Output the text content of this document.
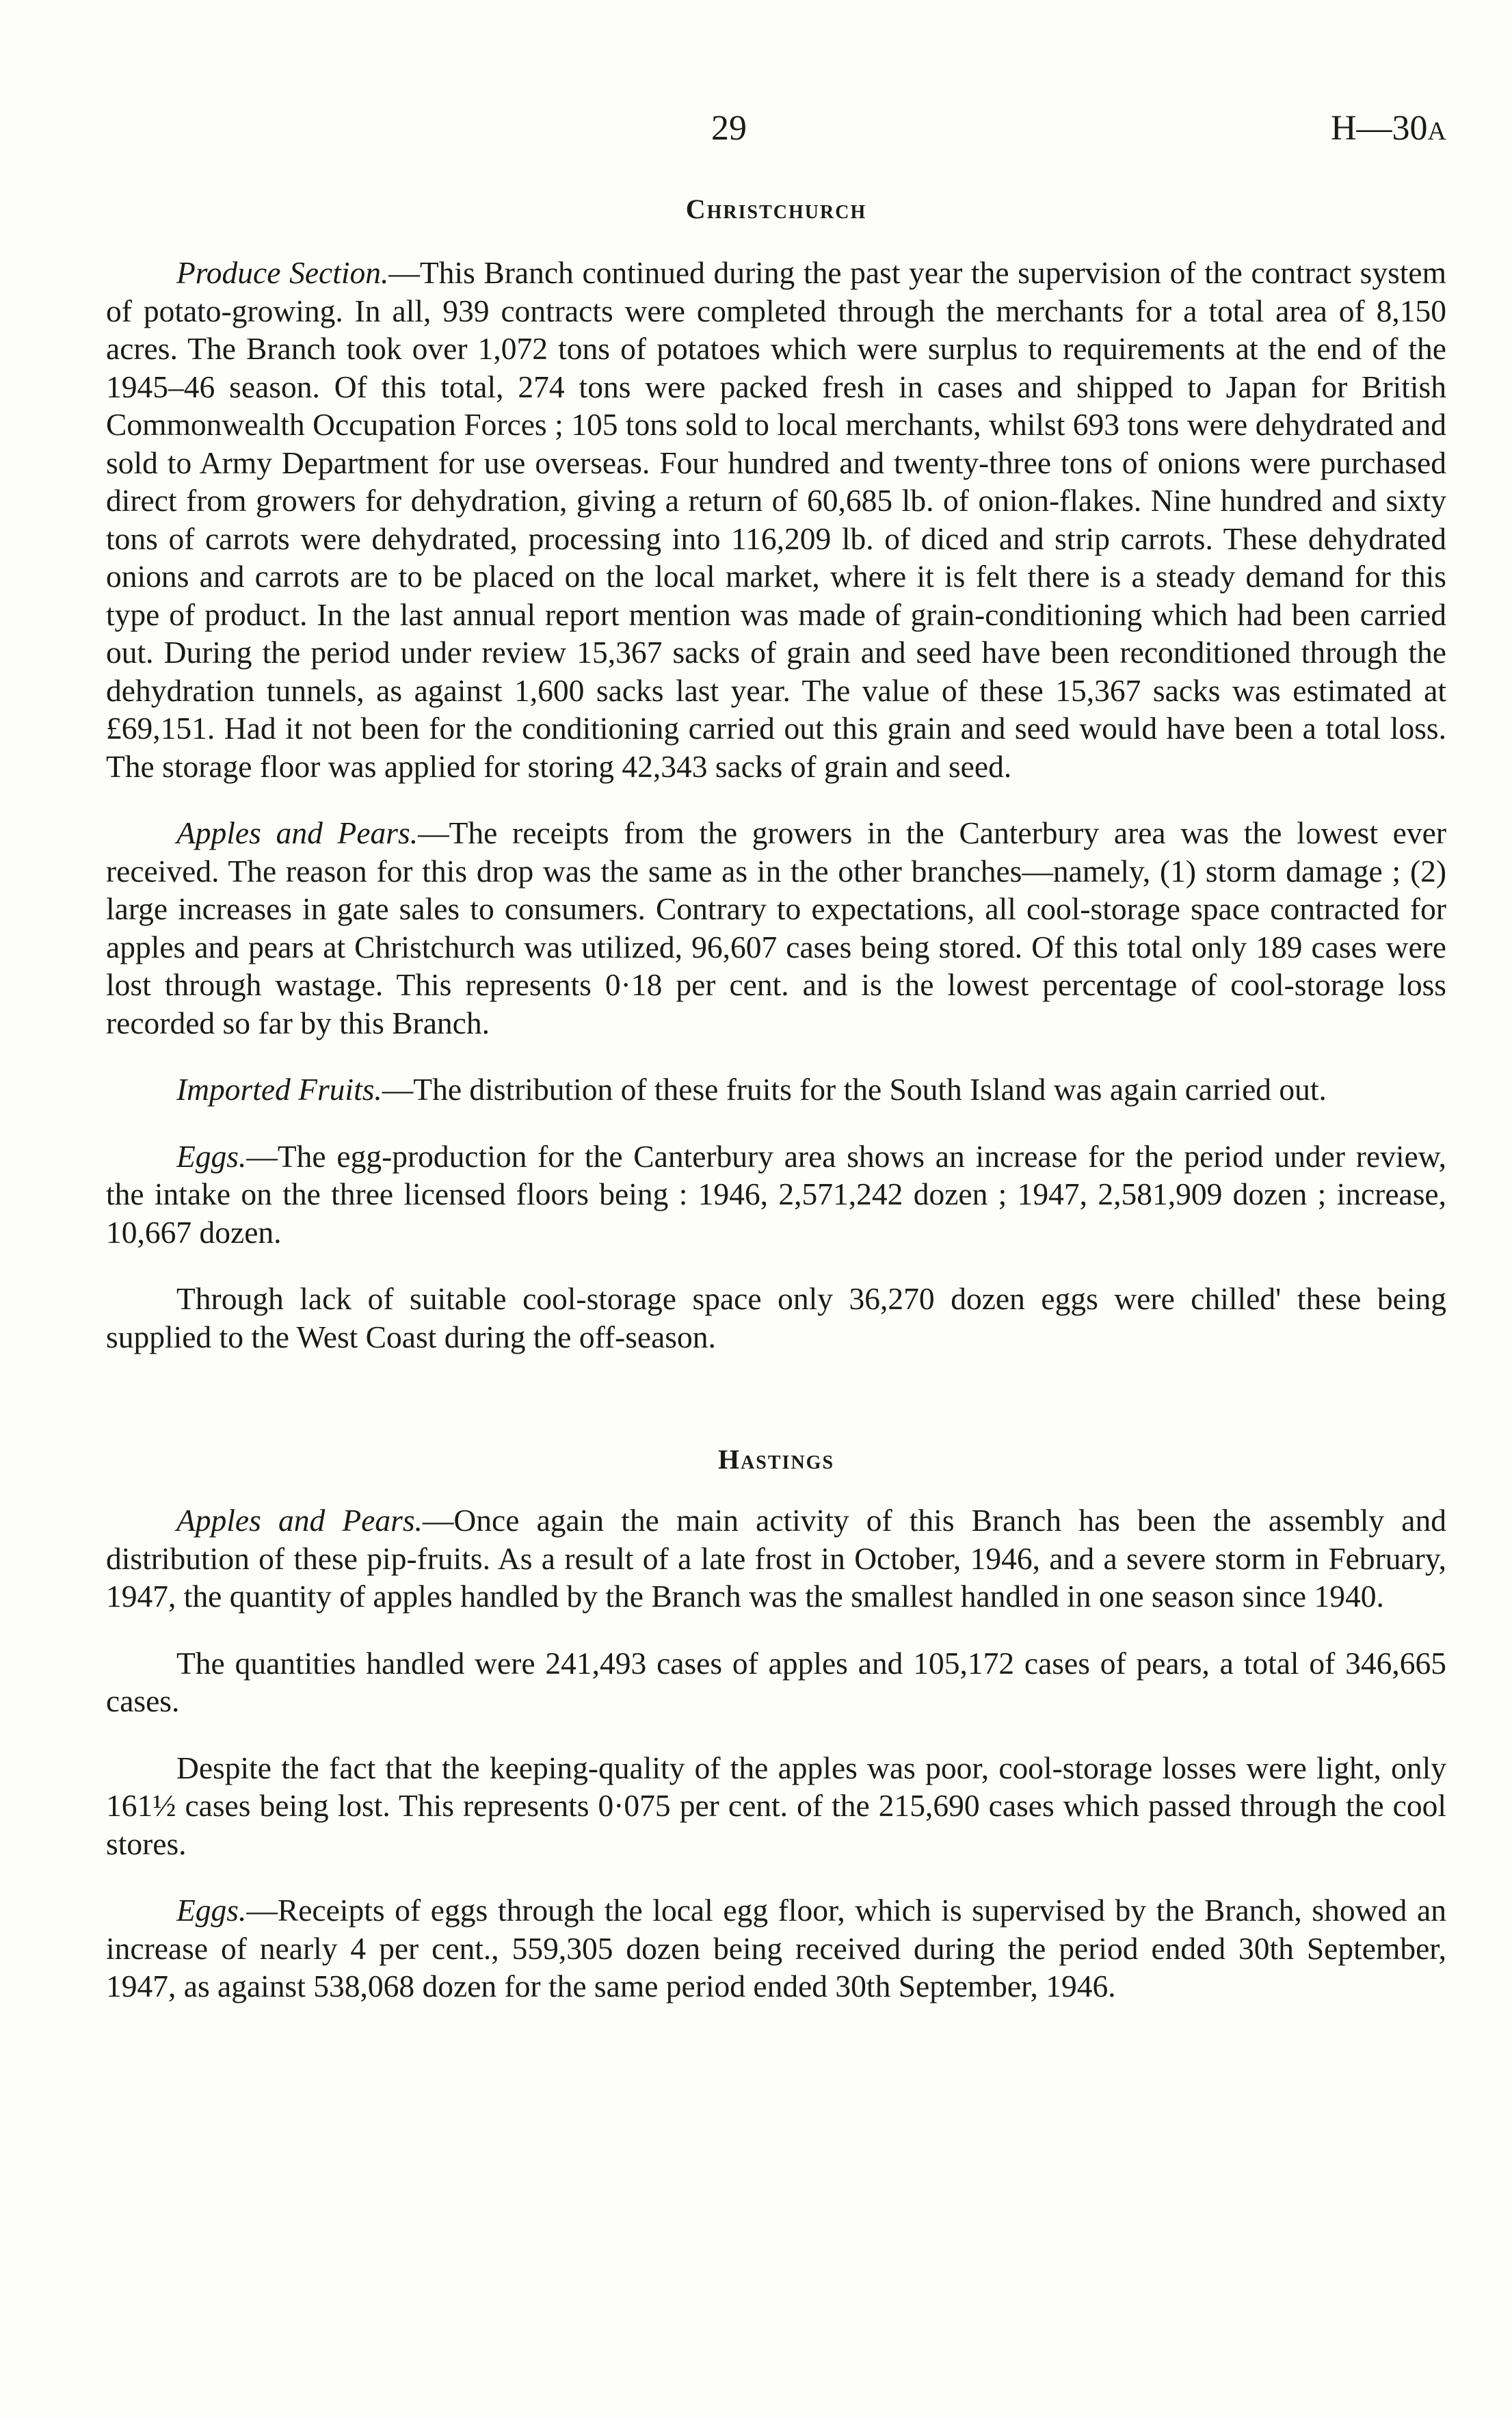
29	H—30A
Christchurch

Produce Section.—This Branch continued during the past year the supervision of the contract system of potato-growing. In all, 939 contracts were completed through the merchants for a total area of 8,150 acres. The Branch took over 1,072 tons of potatoes which were surplus to requirements at the end of the 1945–46 season. Of this total, 274 tons were packed fresh in cases and shipped to Japan for British Commonwealth Occupation Forces ; 105 tons sold to local merchants, whilst 693 tons were dehydrated and sold to Army Department for use overseas. Four hundred and twenty-three tons of onions were purchased direct from growers for dehydration, giving a return of 60,685 lb. of onion-flakes. Nine hundred and sixty tons of carrots were dehydrated, processing into 116,209 lb. of diced and strip carrots. These dehydrated onions and carrots are to be placed on the local market, where it is felt there is a steady demand for this type of product. In the last annual report mention was made of grain-conditioning which had been carried out. During the period under review 15,367 sacks of grain and seed have been reconditioned through the dehydration tunnels, as against 1,600 sacks last year. The value of these 15,367 sacks was estimated at £69,151. Had it not been for the conditioning carried out this grain and seed would have been a total loss. The storage floor was applied for storing 42,343 sacks of grain and seed.

Apples and Pears.—The receipts from the growers in the Canterbury area was the lowest ever received. The reason for this drop was the same as in the other branches—namely, (1) storm damage ; (2) large increases in gate sales to consumers. Contrary to expectations, all cool-storage space contracted for apples and pears at Christchurch was utilized, 96,607 cases being stored. Of this total only 189 cases were lost through wastage. This represents 0·18 per cent. and is the lowest percentage of cool-storage loss recorded so far by this Branch.

Imported Fruits.—The distribution of these fruits for the South Island was again carried out.

Eggs.—The egg-production for the Canterbury area shows an increase for the period under review, the intake on the three licensed floors being : 1946, 2,571,242 dozen ; 1947, 2,581,909 dozen ; increase, 10,667 dozen.

Through lack of suitable cool-storage space only 36,270 dozen eggs were chilled' these being supplied to the West Coast during the off-season.

Hastings

Apples and Pears.—Once again the main activity of this Branch has been the assembly and distribution of these pip-fruits. As a result of a late frost in October, 1946, and a severe storm in February, 1947, the quantity of apples handled by the Branch was the smallest handled in one season since 1940.

The quantities handled were 241,493 cases of apples and 105,172 cases of pears, a total of 346,665 cases.

Despite the fact that the keeping-quality of the apples was poor, cool-storage losses were light, only 161½ cases being lost. This represents 0·075 per cent. of the 215,690 cases which passed through the cool stores.

Eggs.—Receipts of eggs through the local egg floor, which is supervised by the Branch, showed an increase of nearly 4 per cent., 559,305 dozen being received during the period ended 30th September, 1947, as against 538,068 dozen for the same period ended 30th September, 1946.
